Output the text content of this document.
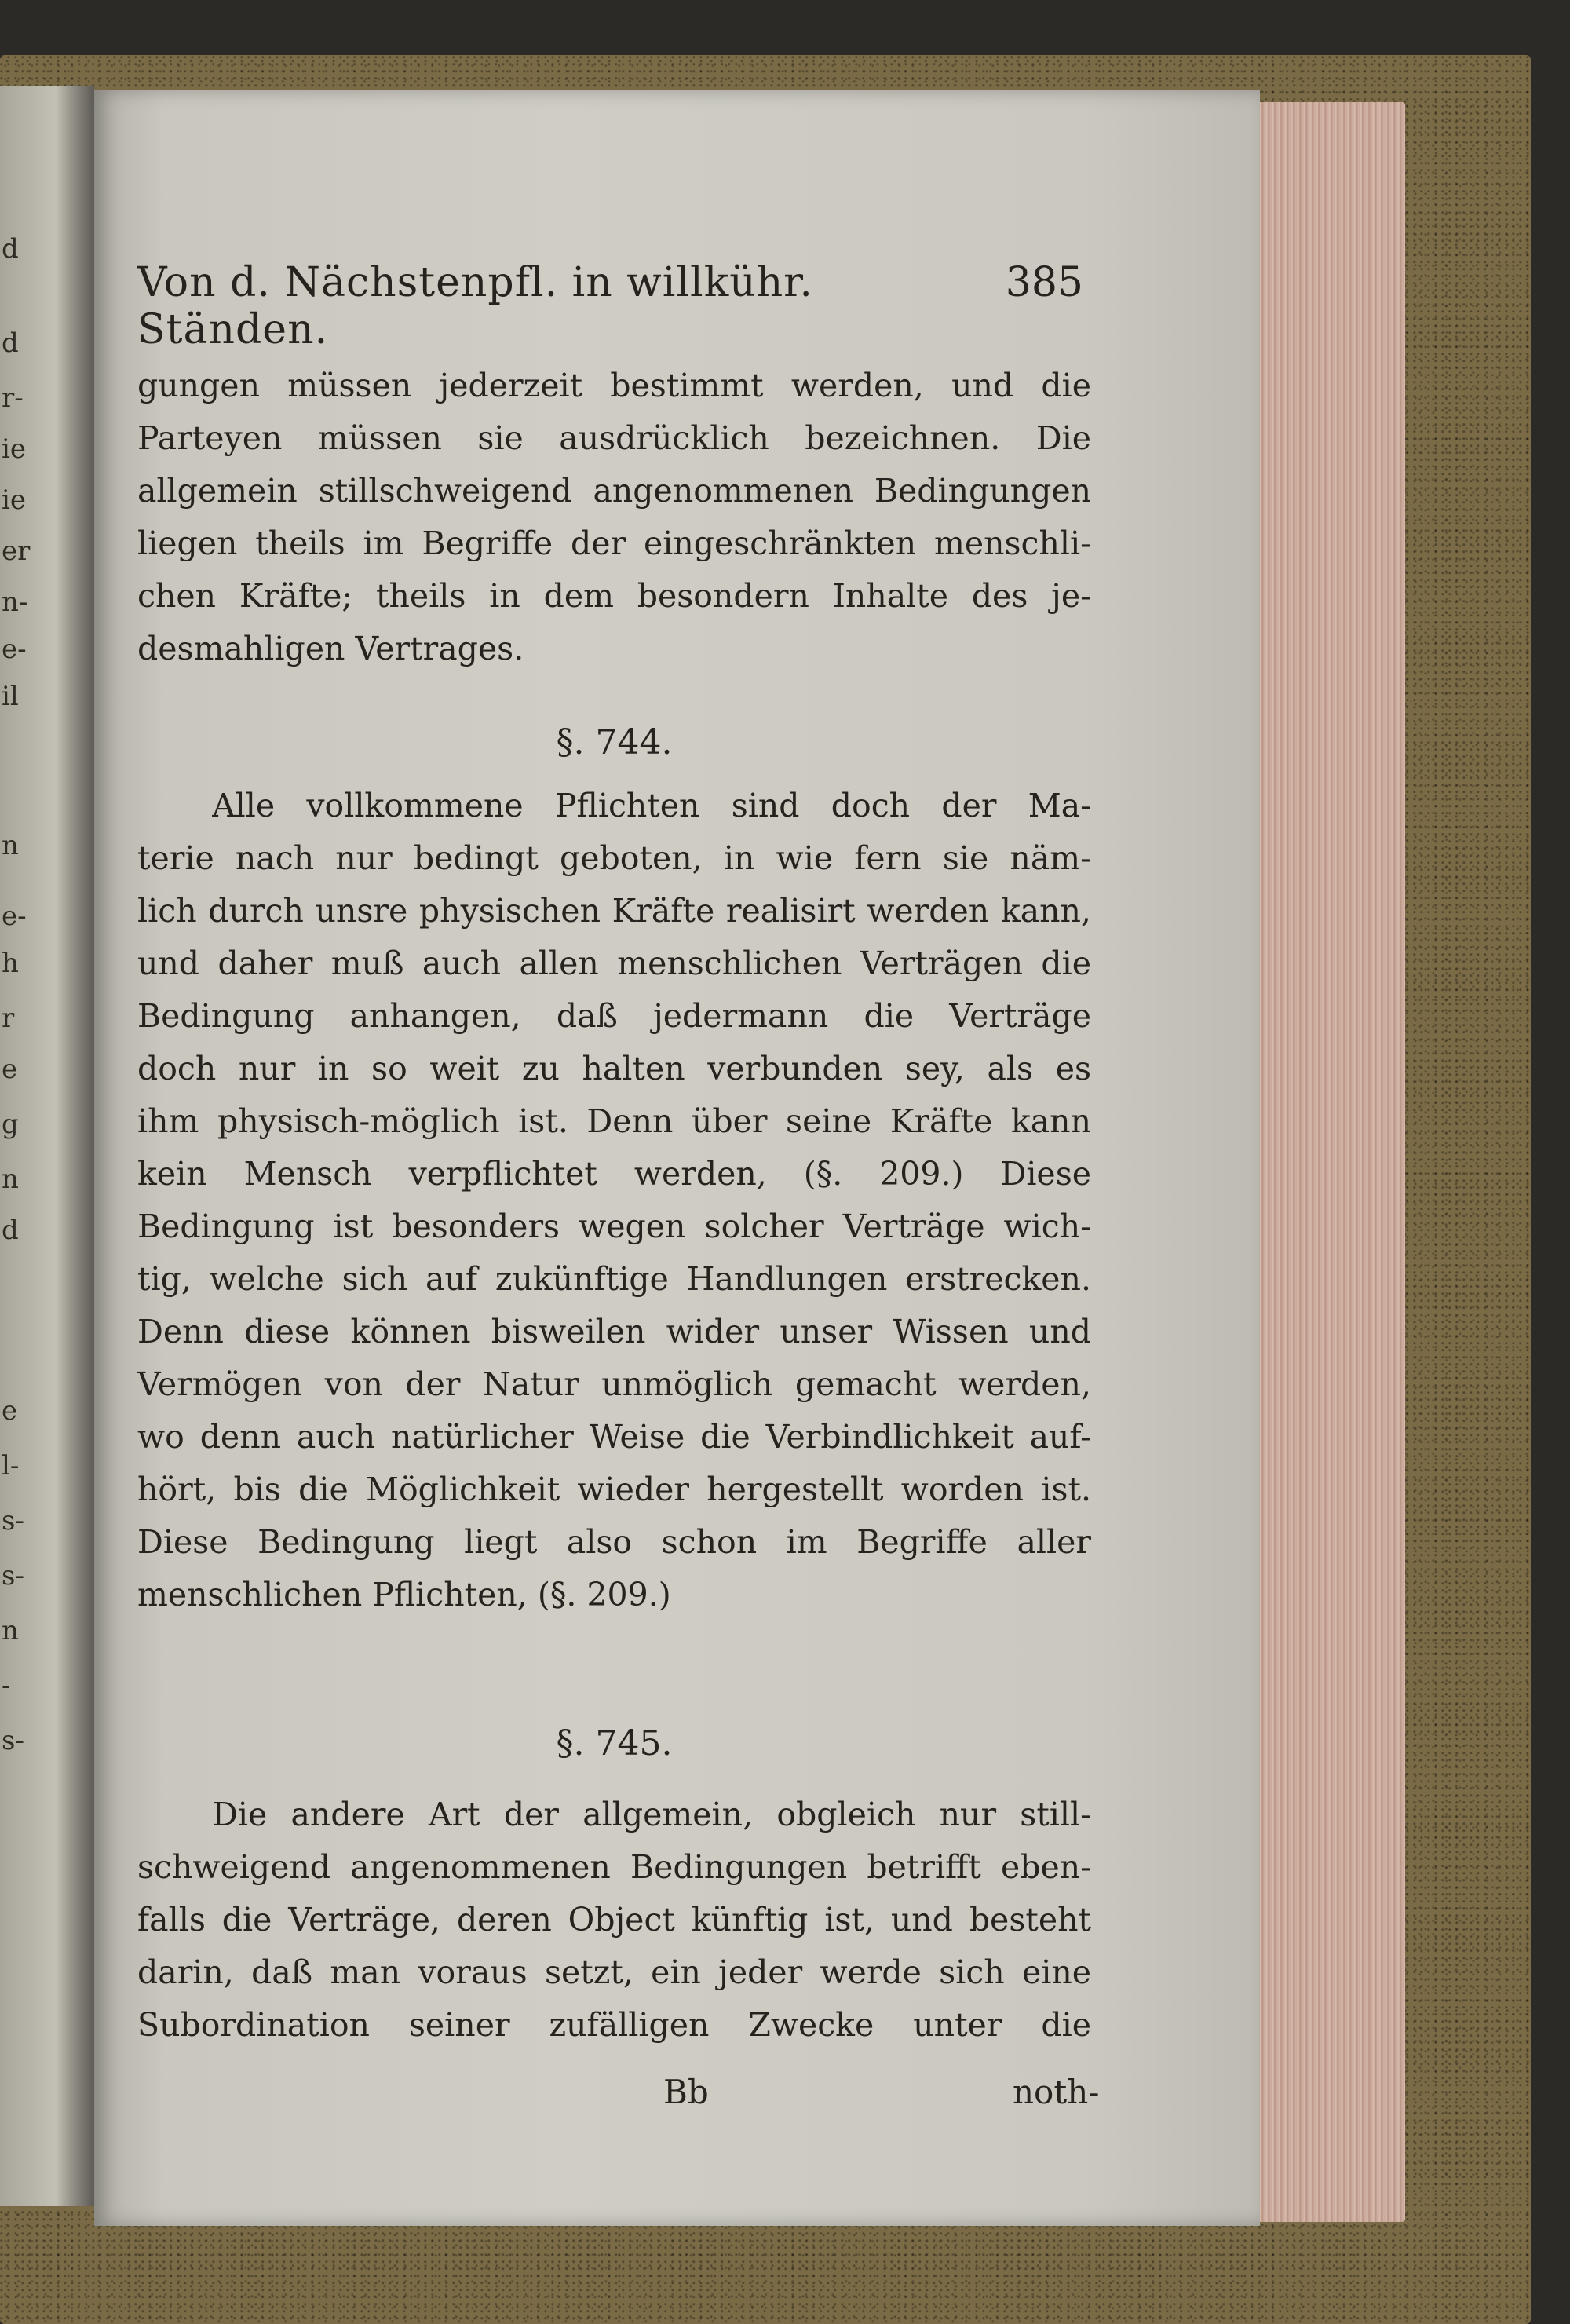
d
d
r-
ie
ie
er
n-
e-
il
n
e-
h
r
e
g
n
d
e
l-
s-
s-
n
-
s-
Von d. Nächstenpfl. in willkühr. Ständen.
385
gungen müssen jederzeit bestimmt werden, und die
Parteyen müssen sie ausdrücklich bezeichnen. Die
allgemein stillschweigend angenommenen Bedingungen
liegen theils im Begriffe der eingeschränkten menschli-
chen Kräfte; theils in dem besondern Inhalte des je-
desmahligen Vertrages.
§. 744.
Alle vollkommene Pflichten sind doch der Ma-
terie nach nur bedingt geboten, in wie fern sie näm-
lich durch unsre physischen Kräfte realisirt werden kann,
und daher muß auch allen menschlichen Verträgen die
Bedingung anhangen, daß jedermann die Verträge
doch nur in so weit zu halten verbunden sey, als es
ihm physisch-möglich ist. Denn über seine Kräfte kann
kein Mensch verpflichtet werden, (§. 209.) Diese
Bedingung ist besonders wegen solcher Verträge wich-
tig, welche sich auf zukünftige Handlungen erstrecken.
Denn diese können bisweilen wider unser Wissen und
Vermögen von der Natur unmöglich gemacht werden,
wo denn auch natürlicher Weise die Verbindlichkeit auf-
hört, bis die Möglichkeit wieder hergestellt worden ist.
Diese Bedingung liegt also schon im Begriffe aller
menschlichen Pflichten, (§. 209.)
§. 745.
Die andere Art der allgemein, obgleich nur still-
schweigend angenommenen Bedingungen betrifft eben-
falls die Verträge, deren Object künftig ist, und besteht
darin, daß man voraus setzt, ein jeder werde sich eine
Subordination seiner zufälligen Zwecke unter die
Bb	noth-
